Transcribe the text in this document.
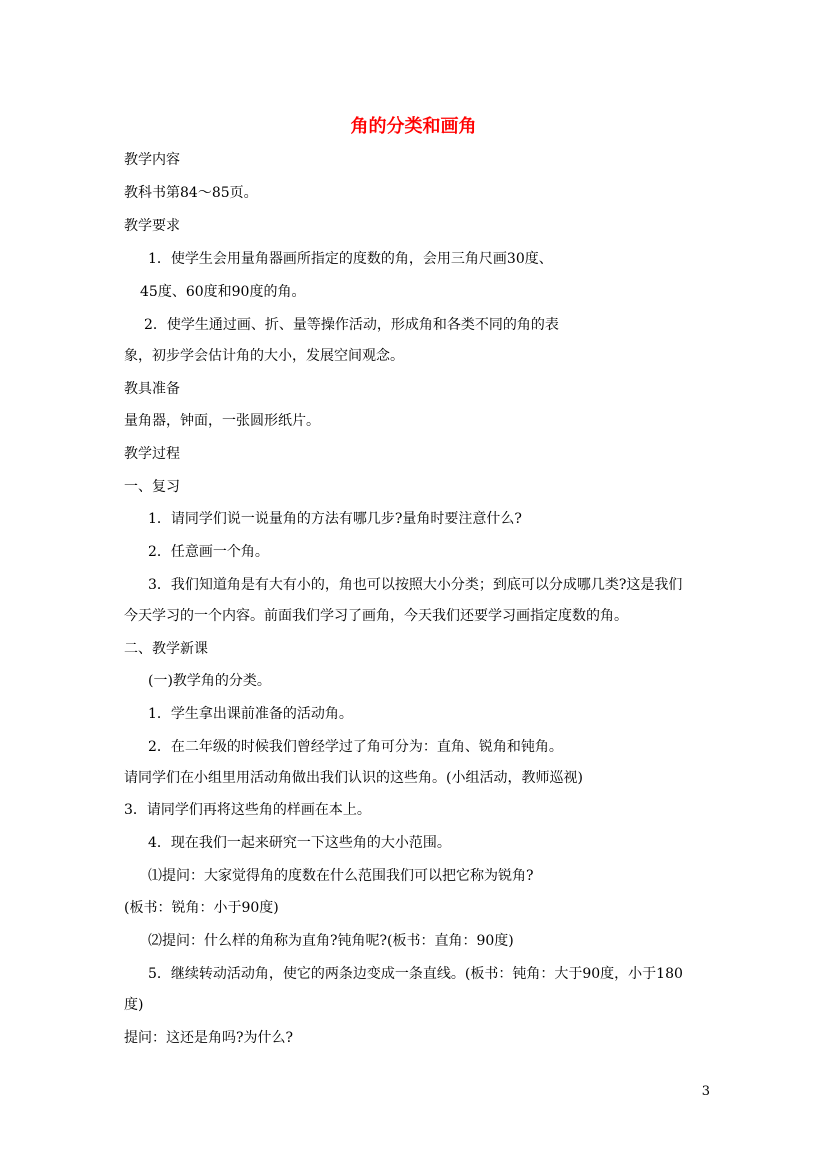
角的分类和画角

教学内容

教科书第84～85页。

教学要求

1．使学生会用量角器画所指定的度数的角，会用三角尺画30度、

45度、60度和90度的角。

2．使学生通过画、折、量等操作活动，形成角和各类不同的角的表

象，初步学会估计角的大小，发展空间观念。

教具准备

量角器，钟面，一张圆形纸片。

教学过程

一、复习

1．请同学们说一说量角的方法有哪几步?量角时要注意什么?

2．任意画一个角。

3．我们知道角是有大有小的，角也可以按照大小分类；到底可以分成哪几类?这是我们

今天学习的一个内容。前面我们学习了画角，今天我们还要学习画指定度数的角。

二、教学新课

(一)教学角的分类。

1．学生拿出课前准备的活动角。

2．在二年级的时候我们曾经学过了角可分为：直角、锐角和钝角。

请同学们在小组里用活动角做出我们认识的这些角。(小组活动，教师巡视)

3．请同学们再将这些角的样画在本上。

4．现在我们一起来研究一下这些角的大小范围。

⑴提问：大家觉得角的度数在什么范围我们可以把它称为锐角?

(板书：锐角：小于90度)

⑵提问：什么样的角称为直角?钝角呢?(板书：直角：90度)

5．继续转动活动角，使它的两条边变成一条直线。(板书：钝角：大于90度，小于180

度)

提问：这还是角吗?为什么?

3
